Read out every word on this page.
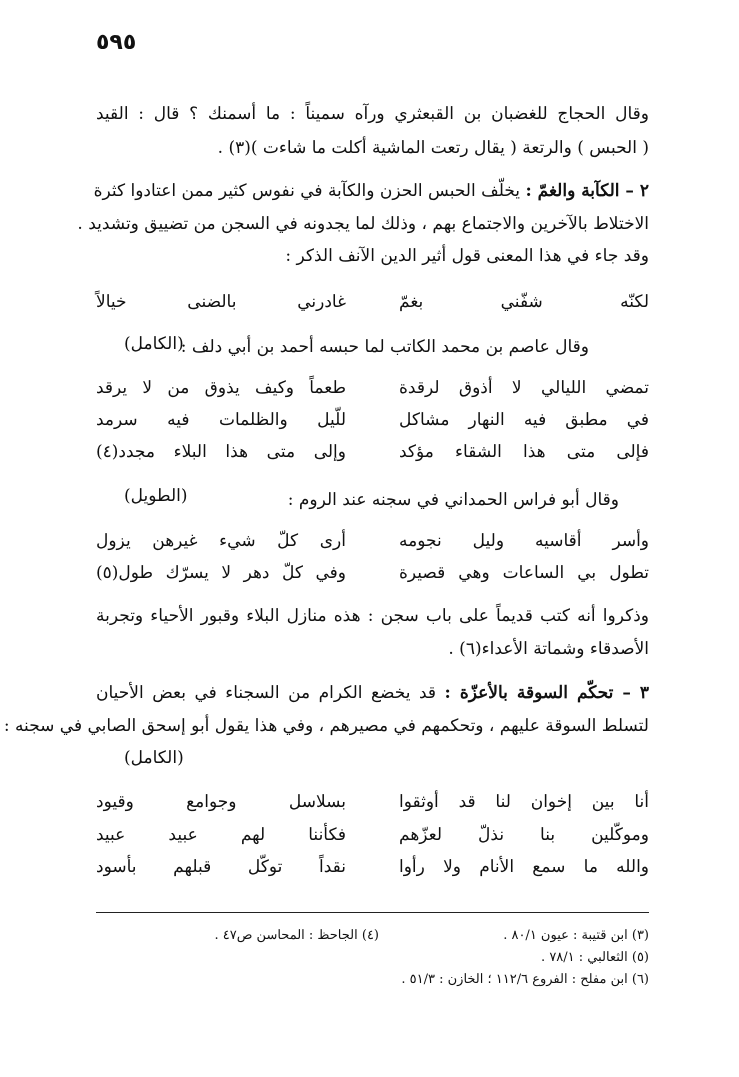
٥٩٥
وقال الحجاج للغضبان بن القبعثري ورآه سميناً : ما أسمنك ؟ قال : القيد
( الحبس ) والرتعة ( يقال رتعت الماشية أكلت ما شاءت )(٣) .
٢ – الكآبة والغمّ : يخلّف الحبس الحزن والكآبة في نفوس كثير ممن اعتادوا كثرة
الاختلاط بالآخرين والاجتماع بهم ، وذلك لما يجدونه في السجن من تضييق وتشديد .
وقد جاء في هذا المعنى قول أثير الدين الآنف الذكر :
لكنّه شفّني بغمّ
غادرني بالضنى خيالاً
وقال عاصم بن محمد الكاتب لما حبسه أحمد بن أبي دلف :
(الكامل)
تمضي الليالي لا أذوق لرقدة
طعماً وكيف يذوق من لا يرقد
في مطبق فيه النهار مشاكل
للّيل والظلمات فيه سرمد
فإلى متى هذا الشقاء مؤكد
وإلى متى هذا البلاء مجدد(٤)
وقال أبو فراس الحمداني في سجنه عند الروم :
(الطويل)
وأسر أقاسيه وليل نجومه
أرى كلّ شيء غيرهن يزول
تطول بي الساعات وهي قصيرة
وفي كلّ دهر لا يسرّك طول(٥)
وذكروا أنه كتب قديماً على باب سجن : هذه منازل البلاء وقبور الأحياء وتجربة
الأصدقاء وشماتة الأعداء(٦) .
٣ – تحكّم السوقة بالأعزّة : قد يخضع الكرام من السجناء في بعض الأحيان
لتسلط السوقة عليهم ، وتحكمهم في مصيرهم ، وفي هذا يقول أبو إسحق الصابي في سجنه :
(الكامل)
أنا بين إخوان لنا قد أوثقوا
بسلاسل وجوامع وقيود
وموكّلين بنا نذلّ لعزّهم
فكأننا لهم عبيد عبيد
والله ما سمع الأنام ولا رأوا
نقداً توكّل قبلهم بأسود
(٣) ابن قتيبة : عيون ٨٠/١ .
(٤) الجاحظ : المحاسن ص٤٧ .
(٥) الثعالبي : ٧٨/١ .
(٦) ابن مفلح : الفروع ١١٢/٦ ؛ الخازن : ٥١/٣ .
